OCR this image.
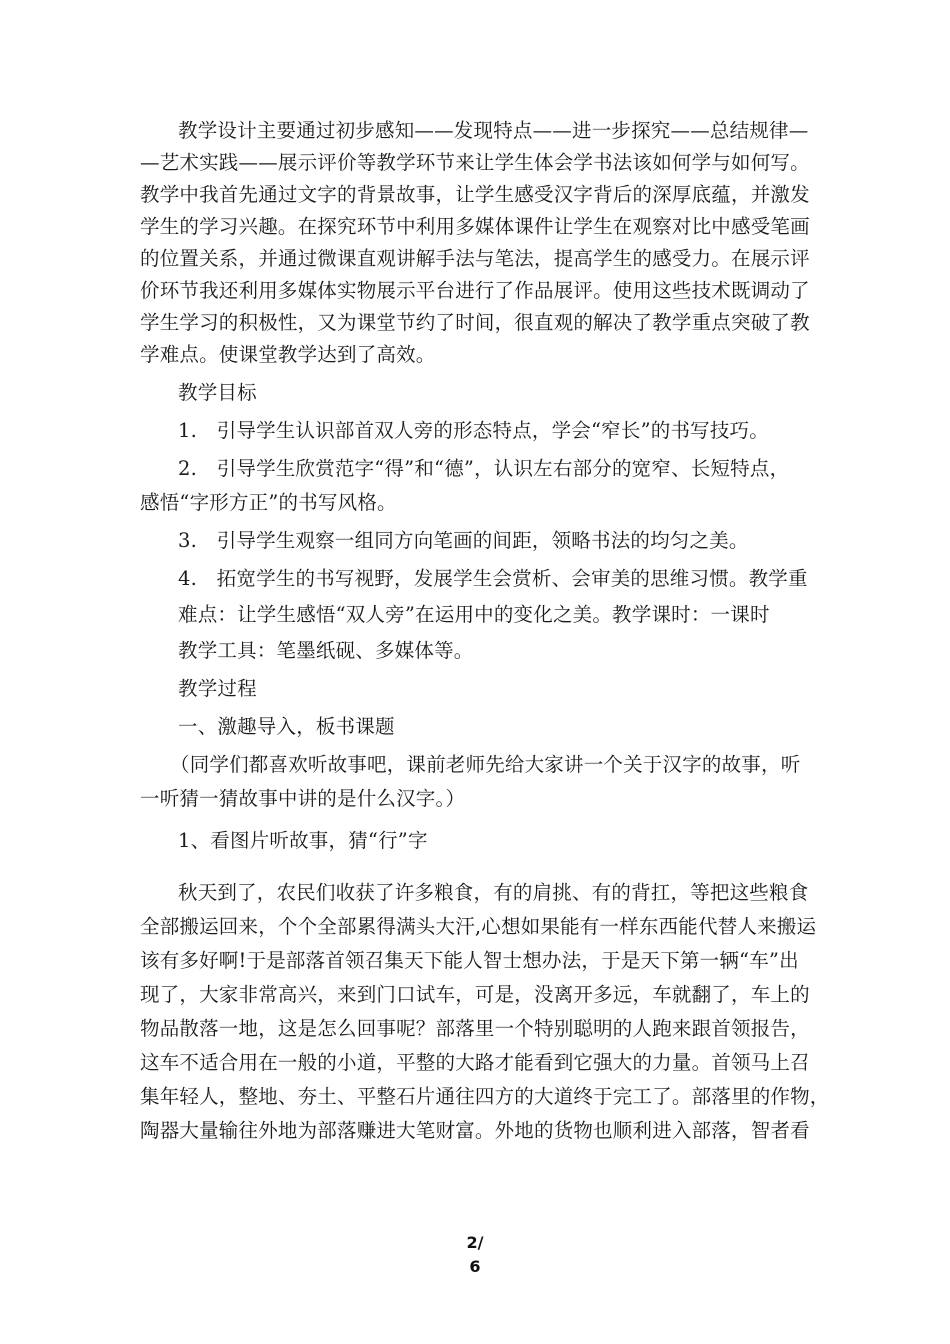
教学设计主要通过初步感知——发现特点——进一步探究——总结规律—
—艺术实践——展示评价等教学环节来让学生体会学书法该如何学与如何写。
教学中我首先通过文字的背景故事，让学生感受汉字背后的深厚底蕴，并激发
学生的学习兴趣。在探究环节中利用多媒体课件让学生在观察对比中感受笔画
的位置关系，并通过微课直观讲解手法与笔法，提高学生的感受力。在展示评
价环节我还利用多媒体实物展示平台进行了作品展评。使用这些技术既调动了
学生学习的积极性，又为课堂节约了时间，很直观的解决了教学重点突破了教
学难点。使课堂教学达到了高效。
教学目标
1.　引导学生认识部首双人旁的形态特点，学会“窄长”的书写技巧。
2.　引导学生欣赏范字“得”和“德”，认识左右部分的宽窄、长短特点，
感悟“字形方正”的书写风格。
3.　引导学生观察一组同方向笔画的间距，领略书法的均匀之美。
4.　拓宽学生的书写视野，发展学生会赏析、会审美的思维习惯。教学重
难点：让学生感悟“双人旁”在运用中的变化之美。教学课时：一课时
教学工具：笔墨纸砚、多媒体等。
教学过程
一、激趣导入，板书课题
（同学们都喜欢听故事吧，课前老师先给大家讲一个关于汉字的故事，听
一听猜一猜故事中讲的是什么汉字。）
1、看图片听故事，猜“行”字
秋天到了，农民们收获了许多粮食，有的肩挑、有的背扛，等把这些粮食
全部搬运回来，个个全部累得满头大汗,心想如果能有一样东西能代替人来搬运
该有多好啊!于是部落首领召集天下能人智士想办法，于是天下第一辆“车”出
现了，大家非常高兴，来到门口试车，可是，没离开多远，车就翻了，车上的
物品散落一地，这是怎么回事呢？部落里一个特别聪明的人跑来跟首领报告，
这车不适合用在一般的小道，平整的大路才能看到它强大的力量。首领马上召
集年轻人，整地、夯土、平整石片通往四方的大道终于完工了。部落里的作物，
陶器大量输往外地为部落赚进大笔财富。外地的货物也顺利进入部落，智者看
2/
6
